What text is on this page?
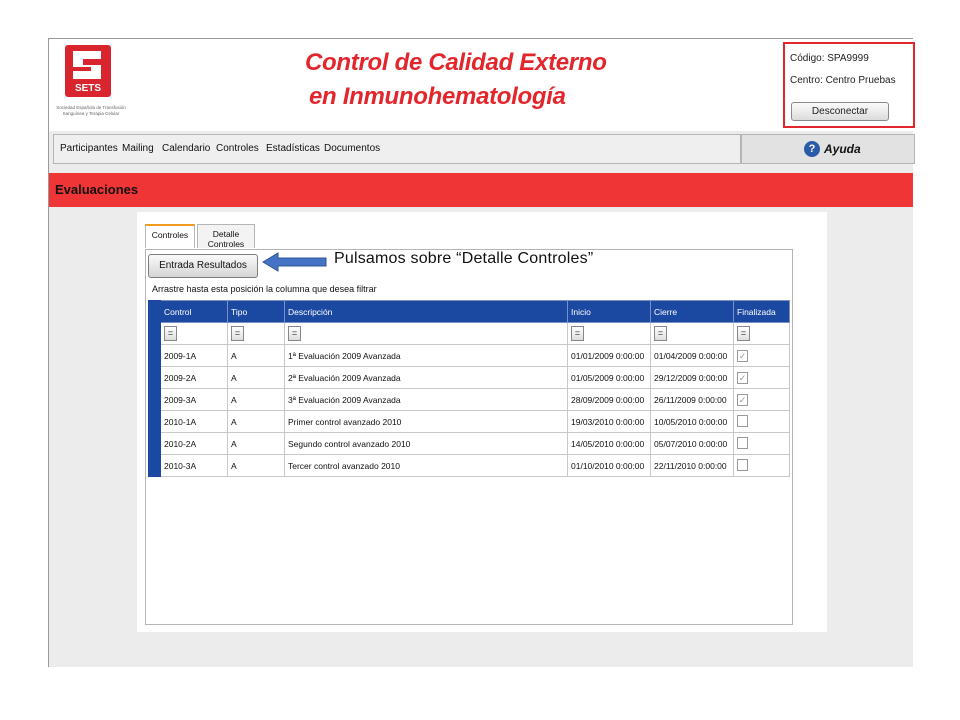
SETS
Sociedad Española de Transfusión Sanguínea y Terapia Celular
Control de Calidad Externo
en Inmunohematología
Código: SPA9999
Centro: Centro Pruebas
Desconectar
Participantes Mailing Calendario Controles Estadísticas Documentos	? Ayuda
Evaluaciones
Controles	Detalle Controles
Entrada Resultados
Arrastre hasta esta posición la columna que desea filtrar
	Control	Tipo	Descripción	Inicio	Cierre	Finalizada
	=	=	=	=	=	=
	2009-1A	A	1ª Evaluación 2009 Avanzada	01/01/2009 0:00:00	01/04/2009 0:00:00	✓
	2009-2A	A	2ª Evaluación 2009 Avanzada	01/05/2009 0:00:00	29/12/2009 0:00:00	✓
	2009-3A	A	3ª Evaluación 2009 Avanzada	28/09/2009 0:00:00	26/11/2009 0:00:00	✓
	2010-1A	A	Primer control avanzado 2010	19/03/2010 0:00:00	10/05/2010 0:00:00	
	2010-2A	A	Segundo control avanzado 2010	14/05/2010 0:00:00	05/07/2010 0:00:00	
	2010-3A	A	Tercer control avanzado 2010	01/10/2010 0:00:00	22/11/2010 0:00:00	
Pulsamos sobre “Detalle Controles”
